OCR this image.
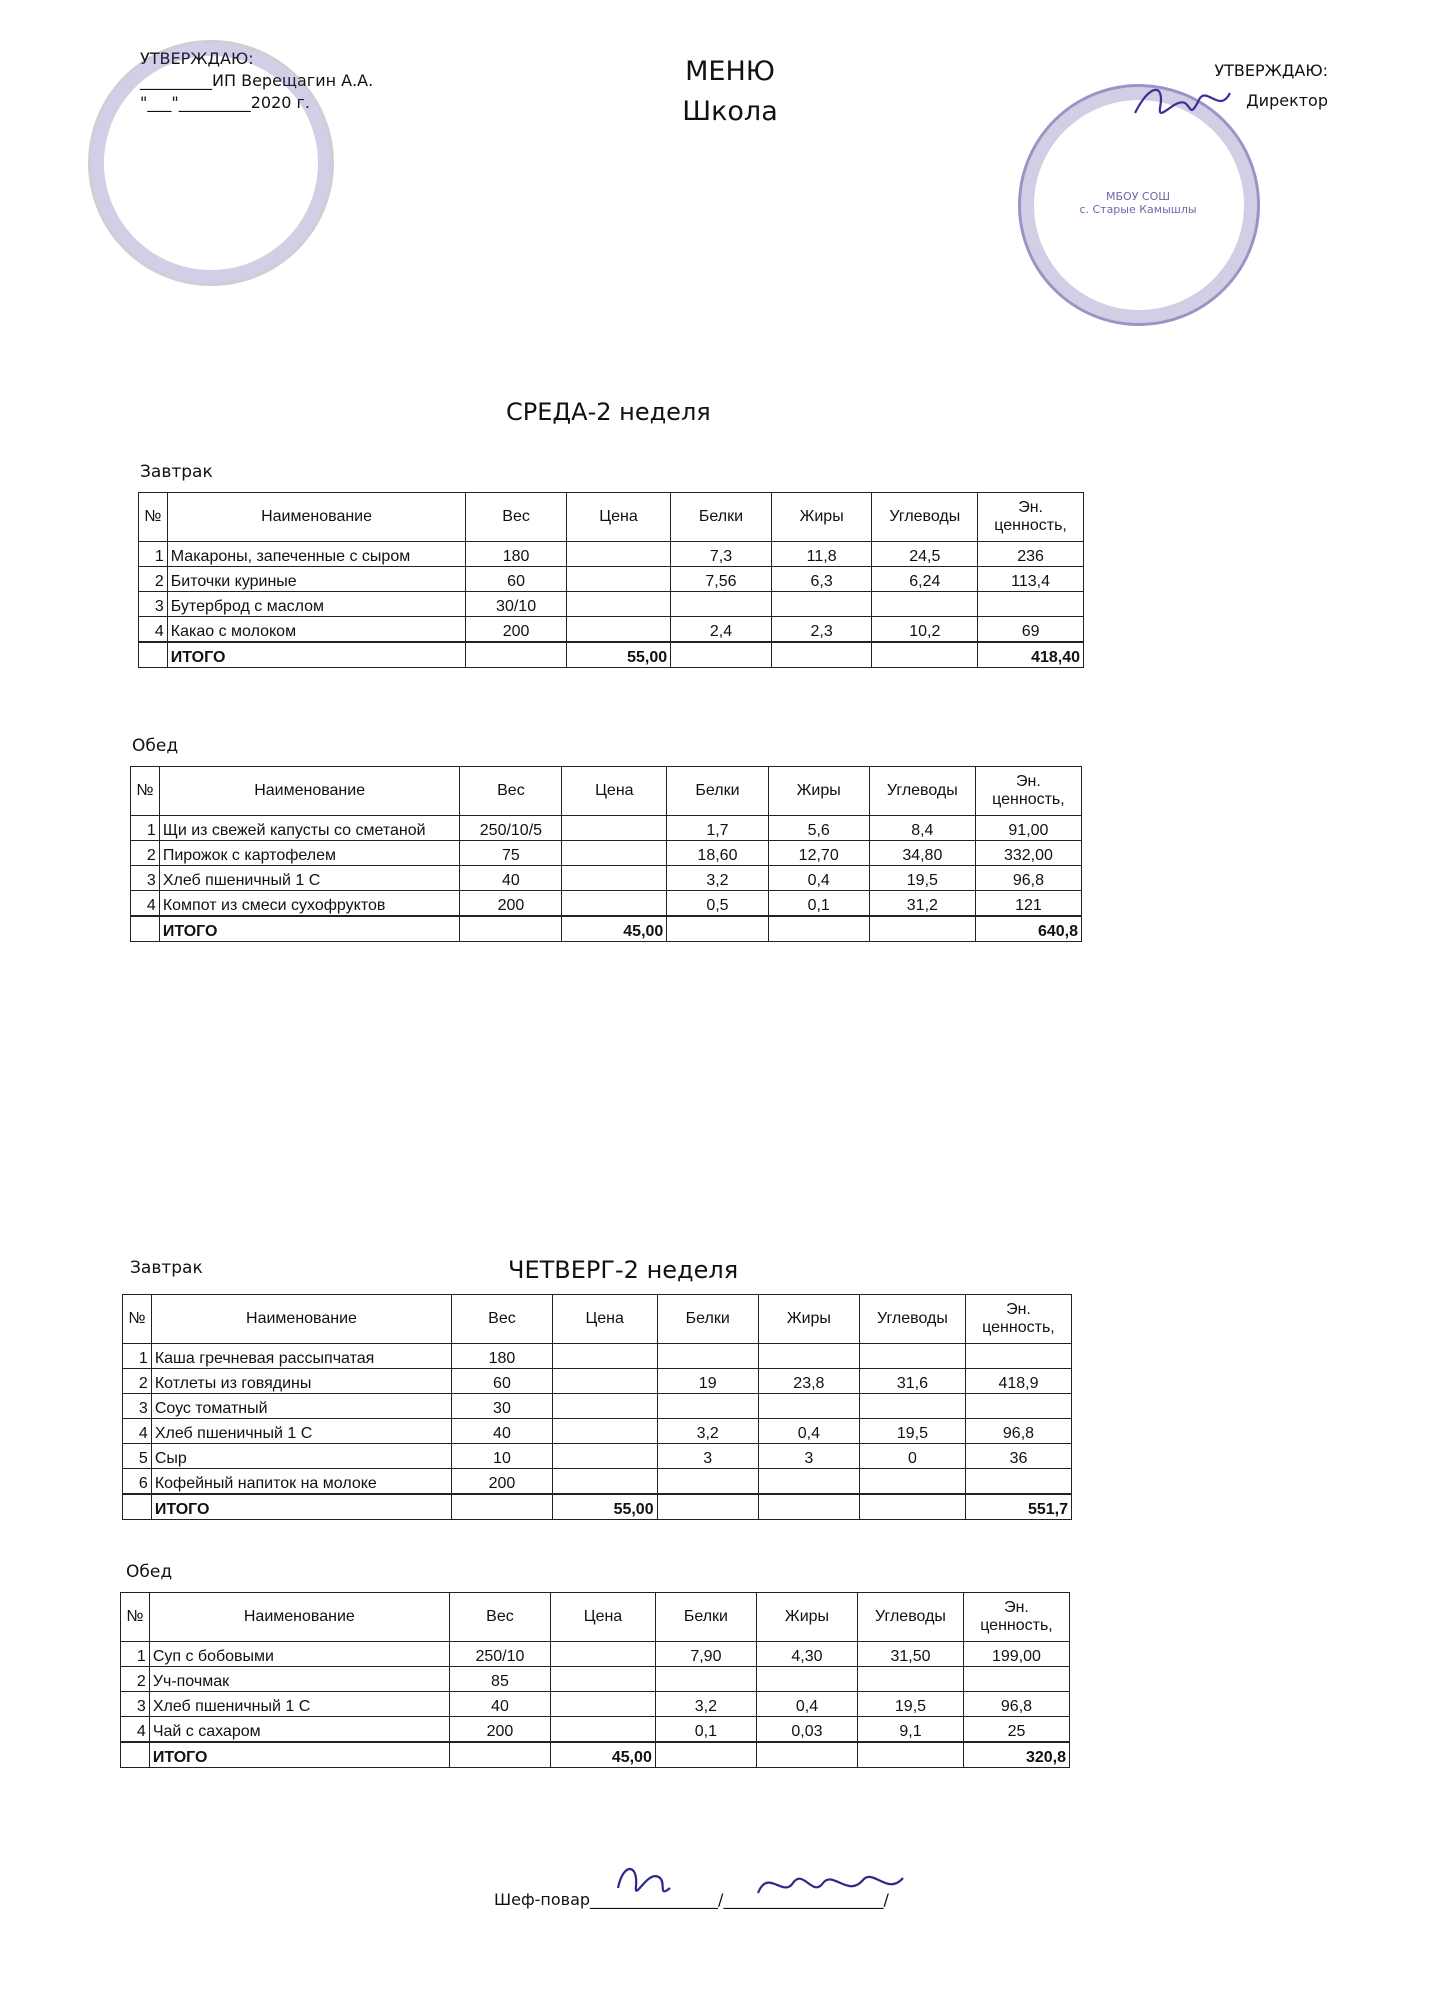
УТВЕРЖДАЮ:
_________ИП Верещагин А.А.
"___"_________2020 г.
МЕНЮ
Школа
УТВЕРЖДАЮ:
Директор
МБОУ СОШ
с. Старые Камышлы
СРЕДА-2 неделя
Завтрак
№	Наименование	Вес	Цена	Белки	Жиры	Углеводы	Эн. ценность,
1	Макароны, запеченные с сыром	180		7,3	11,8	24,5	236
2	Биточки куриные	60		7,56	6,3	6,24	113,4
3	Бутерброд с маслом	30/10					
4	Какао с молоком	200		2,4	2,3	10,2	69
	ИТОГО		55,00				418,40
Обед
№	Наименование	Вес	Цена	Белки	Жиры	Углеводы	Эн. ценность,
1	Щи из свежей капусты со сметаной	250/10/5		1,7	5,6	8,4	91,00
2	Пирожок с картофелем	75		18,60	12,70	34,80	332,00
3	Хлеб пшеничный 1 С	40		3,2	0,4	19,5	96,8
4	Компот из смеси сухофруктов	200		0,5	0,1	31,2	121
	ИТОГО		45,00				640,8
Завтрак	ЧЕТВЕРГ-2 неделя
№	Наименование	Вес	Цена	Белки	Жиры	Углеводы	Эн. ценность,
1	Каша гречневая рассыпчатая	180					
2	Котлеты из говядины	60		19	23,8	31,6	418,9
3	Соус томатный	30					
4	Хлеб пшеничный 1 С	40		3,2	0,4	19,5	96,8
5	Сыр	10		3	3	0	36
6	Кофейный напиток на молоке	200					
	ИТОГО		55,00				551,7
Обед
№	Наименование	Вес	Цена	Белки	Жиры	Углеводы	Эн. ценность,
1	Суп с бобовыми	250/10		7,90	4,30	31,50	199,00
2	Уч-почмак	85					
3	Хлеб пшеничный 1 С	40		3,2	0,4	19,5	96,8
4	Чай с сахаром	200		0,1	0,03	9,1	25
	ИТОГО		45,00				320,8
Шеф-повар________________/____________________/
